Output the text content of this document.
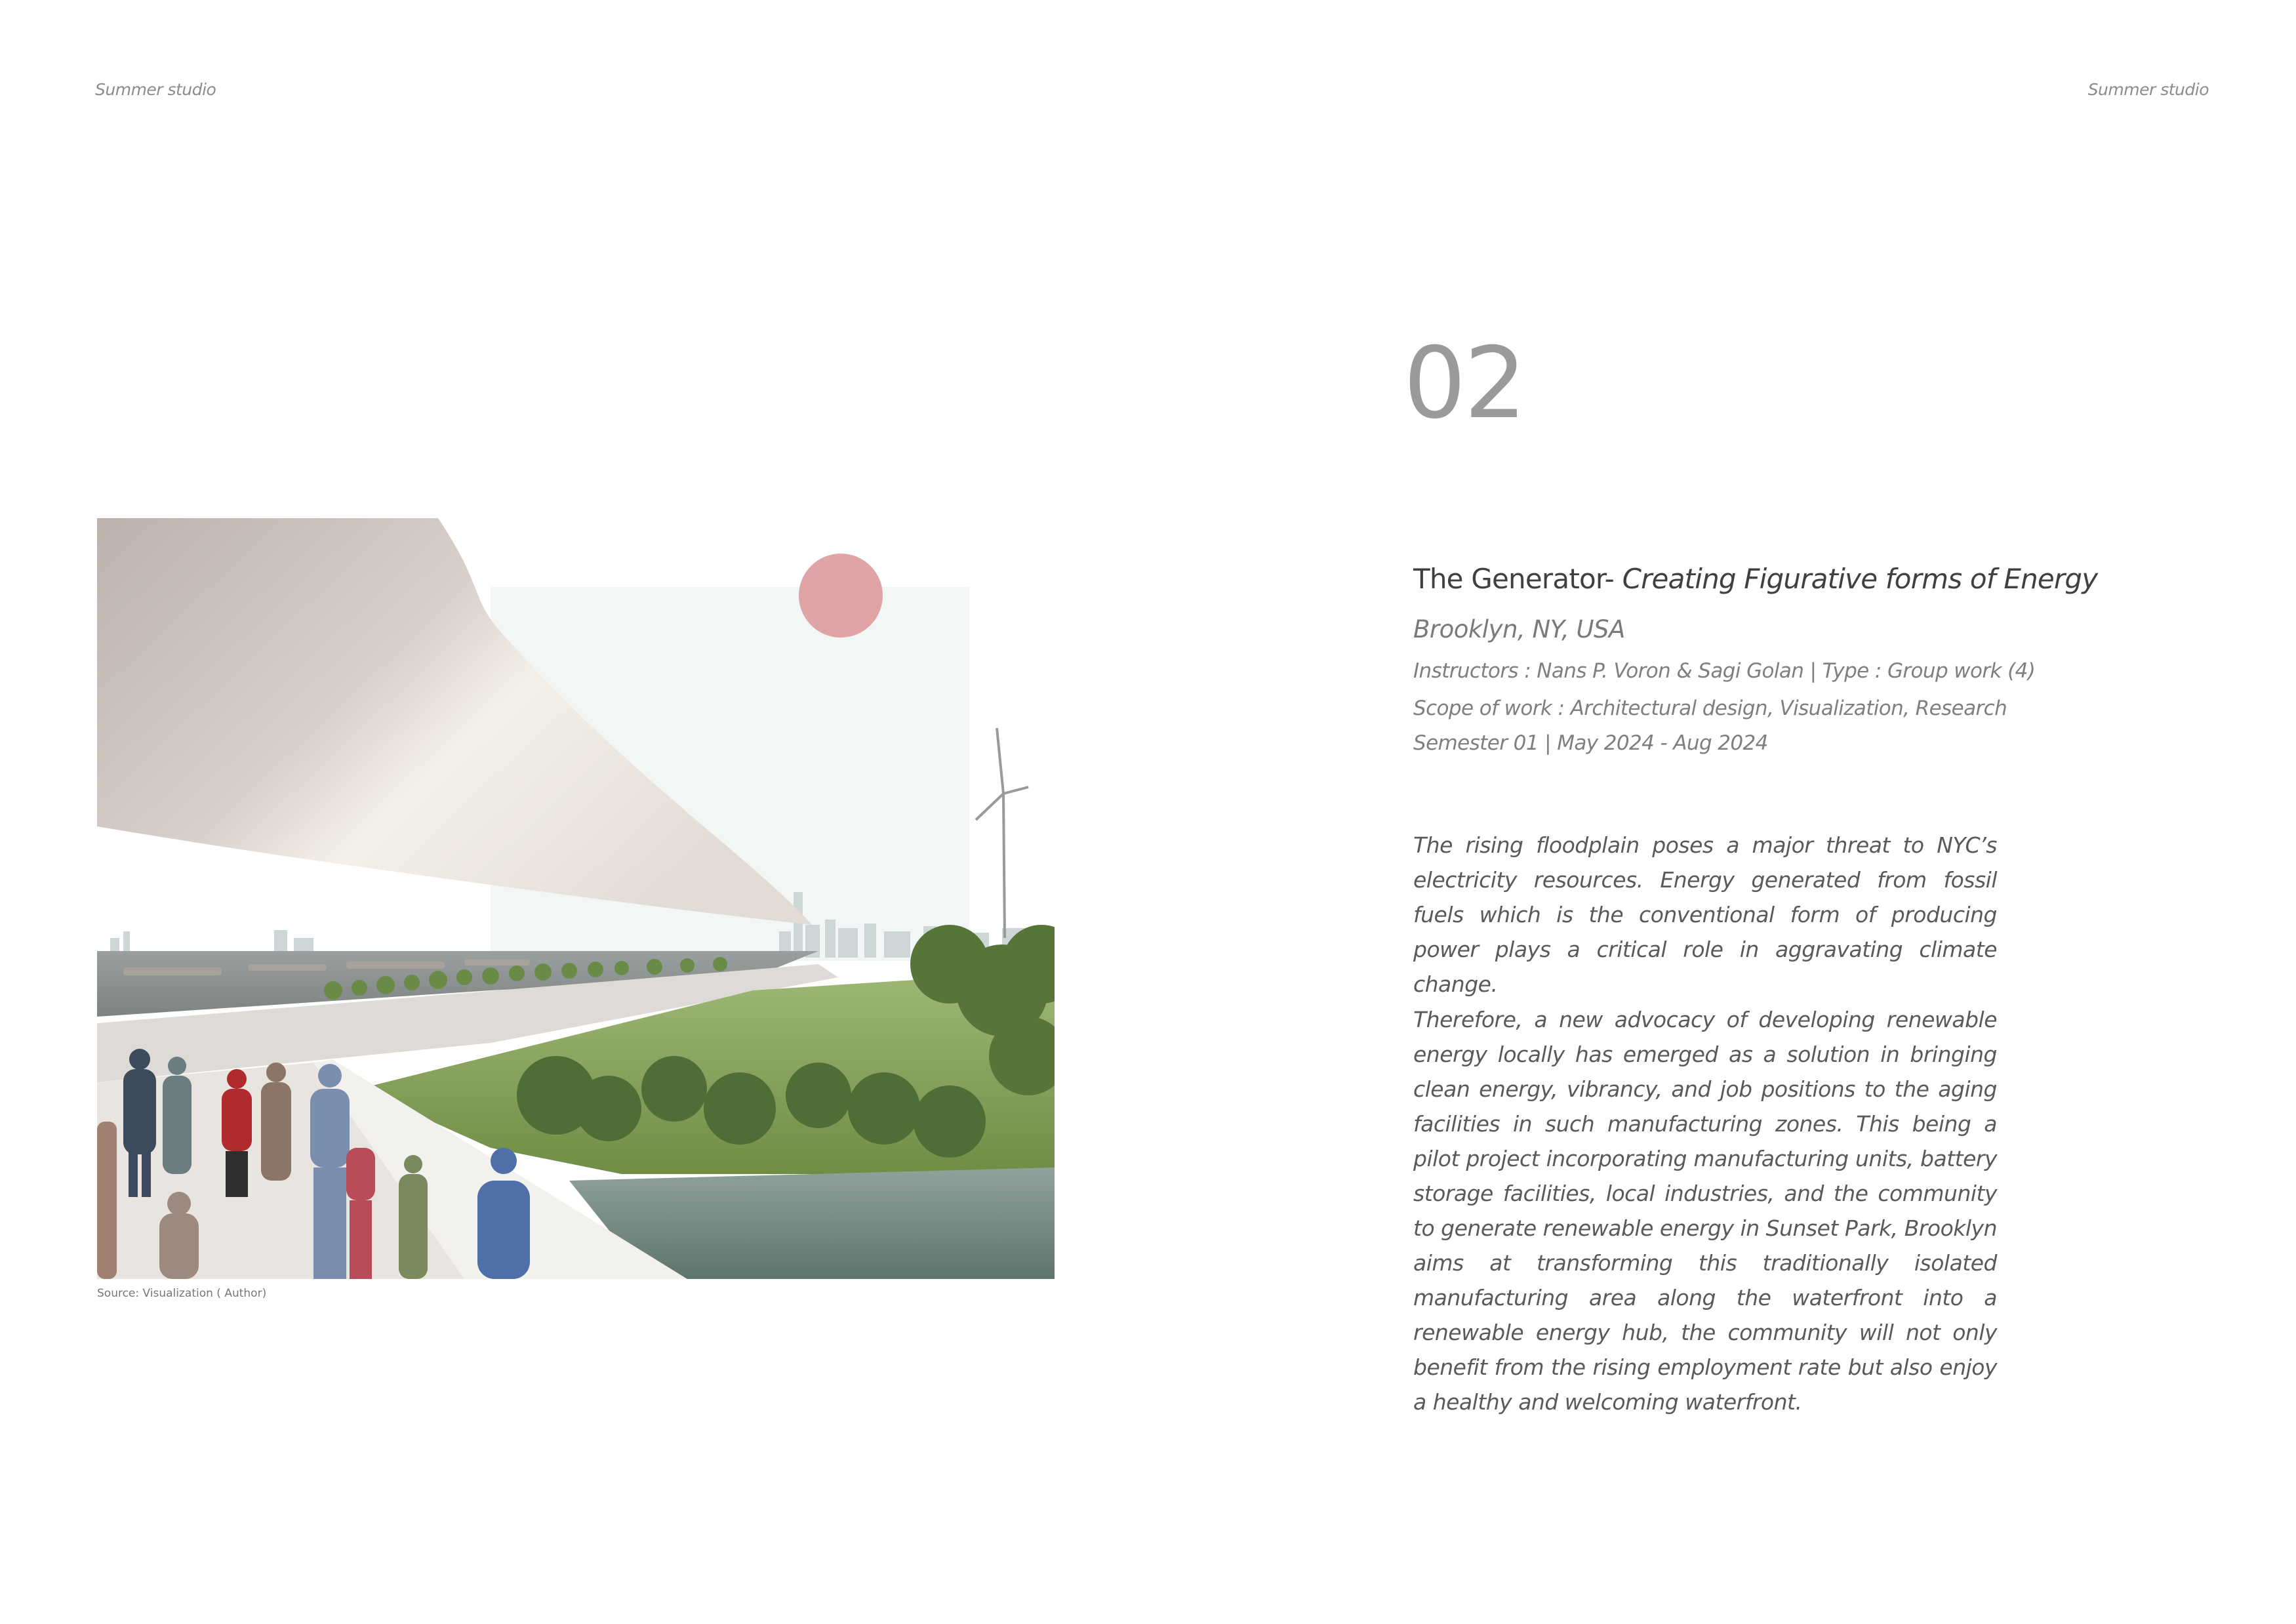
Summer studio	Summer studio
Source: Visualization ( Author)
02
The Generator- Creating Figurative forms of Energy
Brooklyn, NY, USA
Instructors : Nans P. Voron & Sagi Golan | Type : Group work (4)
Scope of work : Architectural design, Visualization, Research
Semester 01 | May 2024 - Aug 2024

The rising floodplain poses a major threat to NYC’s electricity resources. Energy generated from fossil fuels which is the conventional form of producing power plays a critical role in aggravating climate change.

Therefore, a new advocacy of developing renewable energy locally has emerged as a solution in bringing clean energy, vibrancy, and job positions to the aging facilities in such manufacturing zones. This being a pilot project incorporating manufacturing units, battery storage facilities, local industries, and the community to generate renewable energy in Sunset Park, Brooklyn aims at transforming this traditionally isolated manufacturing area along the waterfront into a renewable energy hub, the community will not only benefit from the rising employment rate but also enjoy a healthy and welcoming waterfront.
